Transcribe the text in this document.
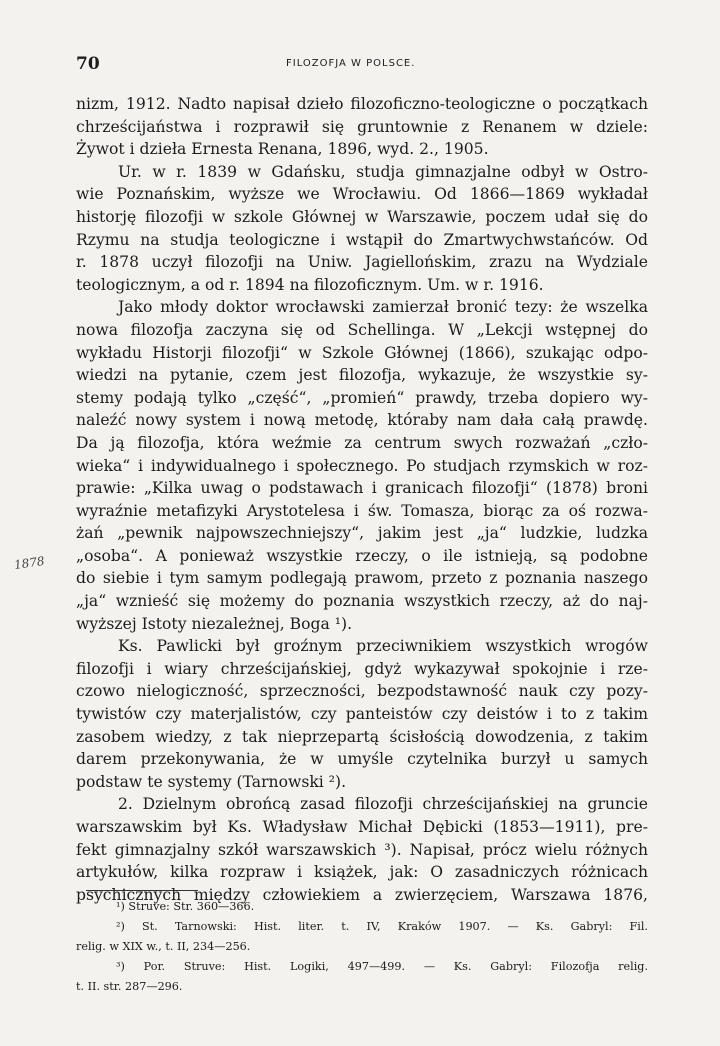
70	FILOZOFJA W POLSCE.
1878
nizm, 1912. Nadto napisał dzieło filozoficzno-teologiczne o początkach
chrześcijaństwa i rozprawił się gruntownie z Renanem w dziele:
Żywot i dzieła Ernesta Renana, 1896, wyd. 2., 1905.
Ur. w r. 1839 w Gdańsku, studja gimnazjalne odbył w Ostro-
wie Poznańskim, wyższe we Wrocławiu. Od 1866—1869 wykładał
historję filozofji w szkole Głównej w Warszawie, poczem udał się do
Rzymu na studja teologiczne i wstąpił do Zmartwychwstańców. Od
r. 1878 uczył filozofji na Uniw. Jagiellońskim, zrazu na Wydziale
teologicznym, a od r. 1894 na filozoficznym. Um. w r. 1916.
Jako młody doktor wrocławski zamierzał bronić tezy: że wszelka
nowa filozofja zaczyna się od Schellinga. W „Lekcji wstępnej do
wykładu Historji filozofji“ w Szkole Głównej (1866), szukając odpo-
wiedzi na pytanie, czem jest filozofja, wykazuje, że wszystkie sy-
stemy podają tylko „część“, „promień“ prawdy, trzeba dopiero wy-
naleźć nowy system i nową metodę, któraby nam dała całą prawdę.
Da ją filozofja, która weźmie za centrum swych rozważań „czło-
wieka“ i indywidualnego i społecznego. Po studjach rzymskich w roz-
prawie: „Kilka uwag o podstawach i granicach filozofji“ (1878) broni
wyraźnie metafizyki Arystotelesa i św. Tomasza, biorąc za oś rozwa-
żań „pewnik najpowszechniejszy“, jakim jest „ja“ ludzkie, ludzka
„osoba“. A ponieważ wszystkie rzeczy, o ile istnieją, są podobne
do siebie i tym samym podlegają prawom, przeto z poznania naszego
„ja“ wznieść się możemy do poznania wszystkich rzeczy, aż do naj-
wyższej Istoty niezależnej, Boga ¹).
Ks. Pawlicki był groźnym przeciwnikiem wszystkich wrogów
filozofji i wiary chrześcijańskiej, gdyż wykazywał spokojnie i rze-
czowo nielogiczność, sprzeczności, bezpodstawność nauk czy pozy-
tywistów czy materjalistów, czy panteistów czy deistów i to z takim
zasobem wiedzy, z tak nieprzepartą ścisłością dowodzenia, z takim
darem przekonywania, że w umyśle czytelnika burzył u samych
podstaw te systemy (Tarnowski ²).
2. Dzielnym obrońcą zasad filozofji chrześcijańskiej na gruncie
warszawskim był Ks. Władysław Michał Dębicki (1853—1911), pre-
fekt gimnazjalny szkół warszawskich ³). Napisał, prócz wielu różnych
artykułów, kilka rozpraw i książek, jak: O zasadniczych różnicach
psychicznych między człowiekiem a zwierzęciem, Warszawa 1876,
¹) Struve: Str. 360—366.
²) St. Tarnowski: Hist. liter. t. IV, Kraków 1907. — Ks. Gabryl: Fil.
relig. w XIX w., t. II, 234—256.
³) Por. Struve: Hist. Logiki, 497—499. — Ks. Gabryl: Filozofja relig.
t. II. str. 287—296.
